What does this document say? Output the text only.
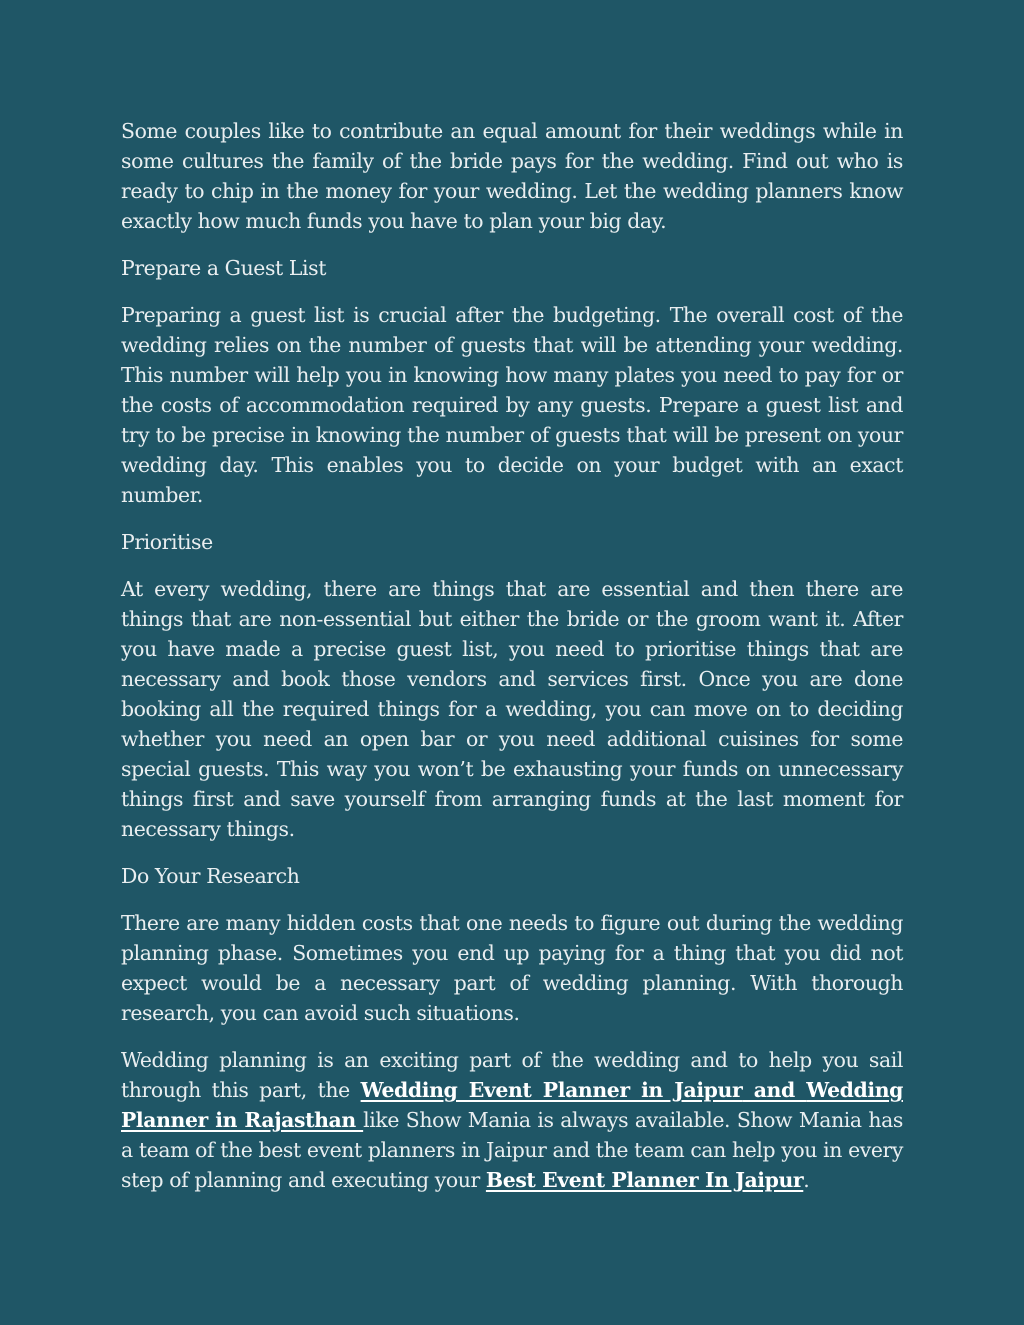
Some couples like to contribute an equal amount for their weddings while in some cultures the family of the bride pays for the wedding. Find out who is ready to chip in the money for your wedding. Let the wedding planners know exactly how much funds you have to plan your big day.

Prepare a Guest List

Preparing a guest list is crucial after the budgeting. The overall cost of the wedding relies on the number of guests that will be attending your wedding. This number will help you in knowing how many plates you need to pay for or the costs of accommodation required by any guests. Prepare a guest list and try to be precise in knowing the number of guests that will be present on your wedding day. This enables you to decide on your budget with an exact number.

Prioritise

At every wedding, there are things that are essential and then there are things that are non-essential but either the bride or the groom want it. After you have made a precise guest list, you need to prioritise things that are necessary and book those vendors and services first. Once you are done booking all the required things for a wedding, you can move on to deciding whether you need an open bar or you need additional cuisines for some special guests. This way you won’t be exhausting your funds on unnecessary things first and save yourself from arranging funds at the last moment for necessary things.

Do Your Research

There are many hidden costs that one needs to figure out during the wedding planning phase. Sometimes you end up paying for a thing that you did not expect would be a necessary part of wedding planning. With thorough research, you can avoid such situations.

Wedding planning is an exciting part of the wedding and to help you sail through this part, the Wedding Event Planner in Jaipur and Wedding Planner in Rajasthan like Show Mania is always available. Show Mania has a team of the best event planners in Jaipur and the team can help you in every step of planning and executing your Best Event Planner In Jaipur.
